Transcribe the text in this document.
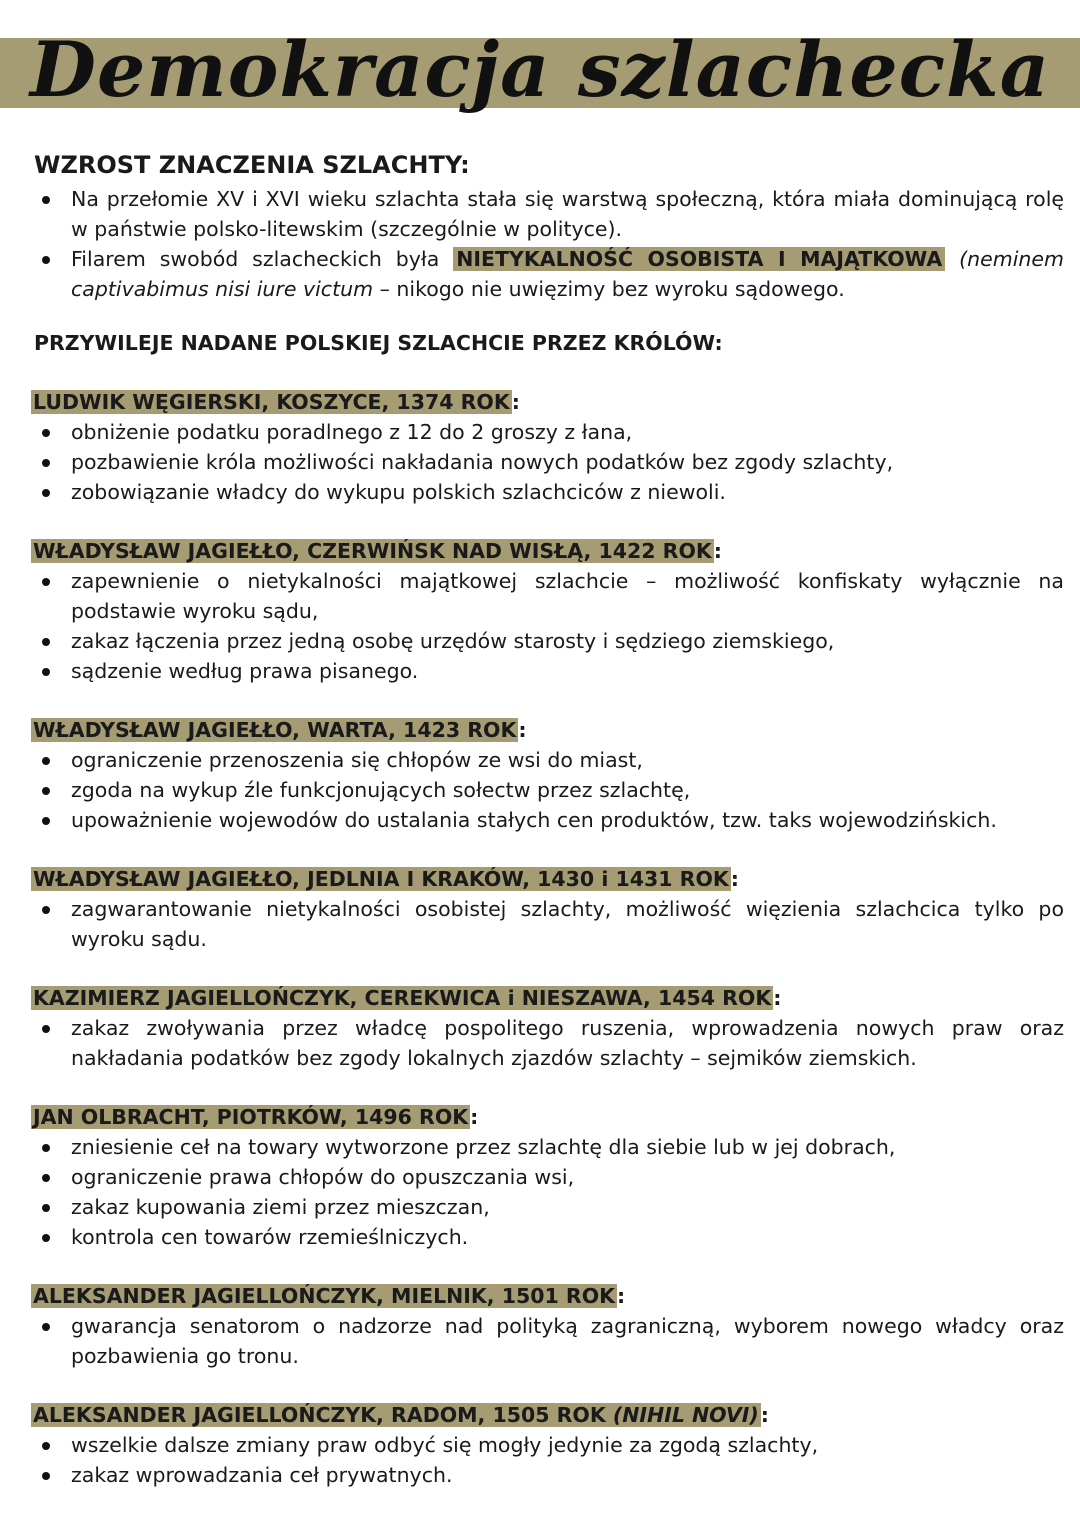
Demokracja szlachecka
WZROST ZNACZENIA SZLACHTY:
Na przełomie XV i XVI wieku szlachta stała się warstwą społeczną, która miała dominującą rolę w państwie polsko-litewskim (szczególnie w polityce).
Filarem swobód szlacheckich była NIETYKALNOŚĆ OSOBISTA I MAJĄTKOWA (neminem captivabimus nisi iure victum – nikogo nie uwięzimy bez wyroku sądowego.
PRZYWILEJE NADANE POLSKIEJ SZLACHCIE PRZEZ KRÓLÓW:
LUDWIK WĘGIERSKI, KOSZYCE, 1374 ROK:
obniżenie podatku poradlnego z 12 do 2 groszy z łana,
pozbawienie króla możliwości nakładania nowych podatków bez zgody szlachty,
zobowiązanie władcy do wykupu polskich szlachciców z niewoli.
WŁADYSŁAW JAGIEŁŁO, CZERWIŃSK NAD WISŁĄ, 1422 ROK:
zapewnienie o nietykalności majątkowej szlachcie – możliwość konfiskaty wyłącznie na podstawie wyroku sądu,
zakaz łączenia przez jedną osobę urzędów starosty i sędziego ziemskiego,
sądzenie według prawa pisanego.
WŁADYSŁAW JAGIEŁŁO, WARTA, 1423 ROK:
ograniczenie przenoszenia się chłopów ze wsi do miast,
zgoda na wykup źle funkcjonujących sołectw przez szlachtę,
upoważnienie wojewodów do ustalania stałych cen produktów, tzw. taks wojewodzińskich.
WŁADYSŁAW JAGIEŁŁO, JEDLNIA I KRAKÓW, 1430 i 1431 ROK:
zagwarantowanie nietykalności osobistej szlachty, możliwość więzienia szlachcica tylko po wyroku sądu.
KAZIMIERZ JAGIELLOŃCZYK, CEREKWICA i NIESZAWA, 1454 ROK:
zakaz zwoływania przez władcę pospolitego ruszenia, wprowadzenia nowych praw oraz nakładania podatków bez zgody lokalnych zjazdów szlachty – sejmików ziemskich.
JAN OLBRACHT, PIOTRKÓW, 1496 ROK:
zniesienie ceł na towary wytworzone przez szlachtę dla siebie lub w jej dobrach,
ograniczenie prawa chłopów do opuszczania wsi,
zakaz kupowania ziemi przez mieszczan,
kontrola cen towarów rzemieślniczych.
ALEKSANDER JAGIELLOŃCZYK, MIELNIK, 1501 ROK:
gwarancja senatorom o nadzorze nad polityką zagraniczną, wyborem nowego władcy oraz pozbawienia go tronu.
ALEKSANDER JAGIELLOŃCZYK, RADOM, 1505 ROK (NIHIL NOVI):
wszelkie dalsze zmiany praw odbyć się mogły jedynie za zgodą szlachty,
zakaz wprowadzania ceł prywatnych.
